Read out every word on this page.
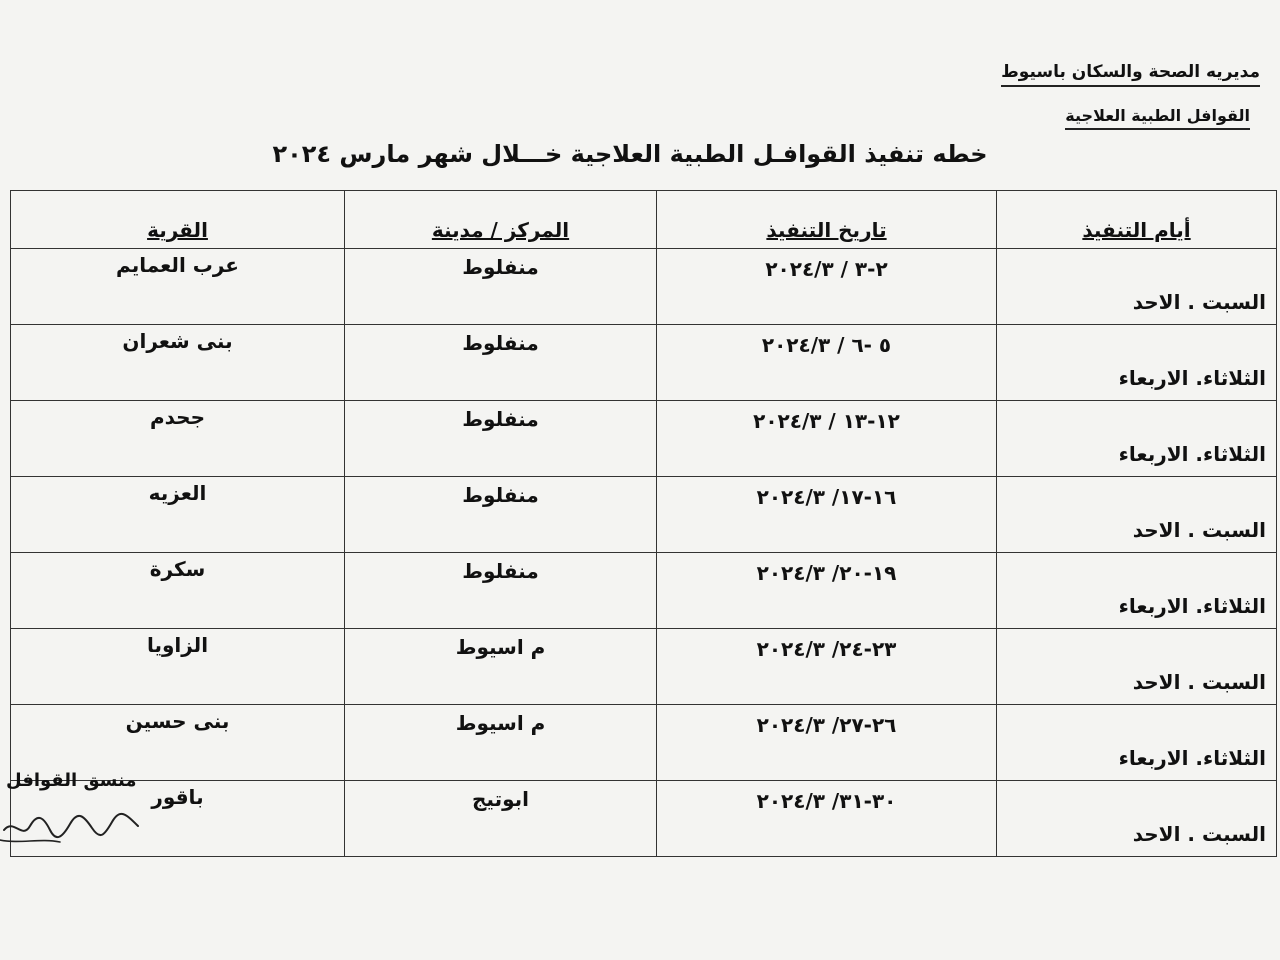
مديريه الصحة والسكان باسيوط
القوافل الطبية العلاجية
خطه تنفيذ القوافـل الطبية العلاجية خـــلال شهر مارس ٢٠٢٤
أيام التنفيذ	تاريخ التنفيذ	المركز / مدينة	القرية
السبت . الاحد	٢-٣ / ٢٠٢٤/٣	منفلوط	عرب العمايم
الثلاثاء. الاربعاء	٥ -٦ / ٢٠٢٤/٣	منفلوط	بنى شعران
الثلاثاء. الاربعاء	١٢-١٣ / ٢٠٢٤/٣	منفلوط	جحدم
السبت . الاحد	١٦-١٧/ ٢٠٢٤/٣	منفلوط	العزيه
الثلاثاء. الاربعاء	١٩-٢٠/ ٢٠٢٤/٣	منفلوط	سكرة
السبت . الاحد	٢٣-٢٤/ ٢٠٢٤/٣	م اسيوط	الزاويا
الثلاثاء. الاربعاء	٢٦-٢٧/ ٢٠٢٤/٣	م اسيوط	بنى حسين
السبت . الاحد	٣٠-٣١/ ٢٠٢٤/٣	ابوتيج	باقور
منسق القوافل
